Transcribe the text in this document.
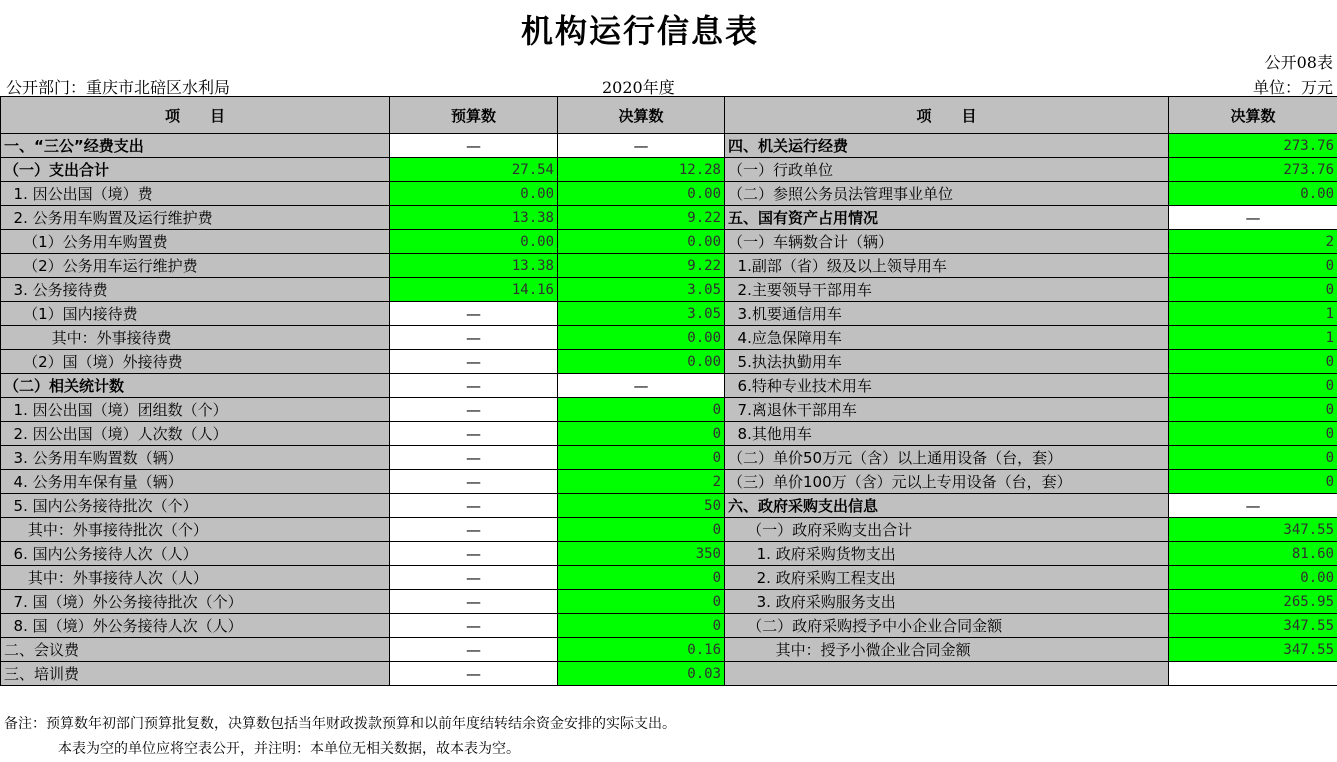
机构运行信息表
公开08表
公开部门：重庆市北碚区水利局	2020年度	单位：万元
项　　目	预算数	决算数	项　　目	决算数
一、“三公”经费支出	—	—	四、机关运行经费	273.76
（一）支出合计	27.54	12.28	（一）行政单位	273.76
1. 因公出国（境）费	0.00	0.00	（二）参照公务员法管理事业单位	0.00
2. 公务用车购置及运行维护费	13.38	9.22	五、国有资产占用情况	—
（1）公务用车购置费	0.00	0.00	（一）车辆数合计（辆）	2
（2）公务用车运行维护费	13.38	9.22	1.副部（省）级及以上领导用车	0
3. 公务接待费	14.16	3.05	2.主要领导干部用车	0
（1）国内接待费	—	3.05	3.机要通信用车	1
其中：外事接待费	—	0.00	4.应急保障用车	1
（2）国（境）外接待费	—	0.00	5.执法执勤用车	0
（二）相关统计数	—	—	6.特种专业技术用车	0
1. 因公出国（境）团组数（个）	—	0	7.离退休干部用车	0
2. 因公出国（境）人次数（人）	—	0	8.其他用车	0
3. 公务用车购置数（辆）	—	0	（二）单价50万元（含）以上通用设备（台，套）	0
4. 公务用车保有量（辆）	—	2	（三）单价100万（含）元以上专用设备（台，套）	0
5. 国内公务接待批次（个）	—	50	六、政府采购支出信息	—
其中：外事接待批次（个）	—	0	（一）政府采购支出合计	347.55
6. 国内公务接待人次（人）	—	350	1. 政府采购货物支出	81.60
其中：外事接待人次（人）	—	0	2. 政府采购工程支出	0.00
7. 国（境）外公务接待批次（个）	—	0	3. 政府采购服务支出	265.95
8. 国（境）外公务接待人次（人）	—	0	（二）政府采购授予中小企业合同金额	347.55
二、会议费	—	0.16	其中：授予小微企业合同金额	347.55
三、培训费	—	0.03		
备注：预算数年初部门预算批复数，决算数包括当年财政拨款预算和以前年度结转结余资金安排的实际支出。
本表为空的单位应将空表公开，并注明：本单位无相关数据，故本表为空。
